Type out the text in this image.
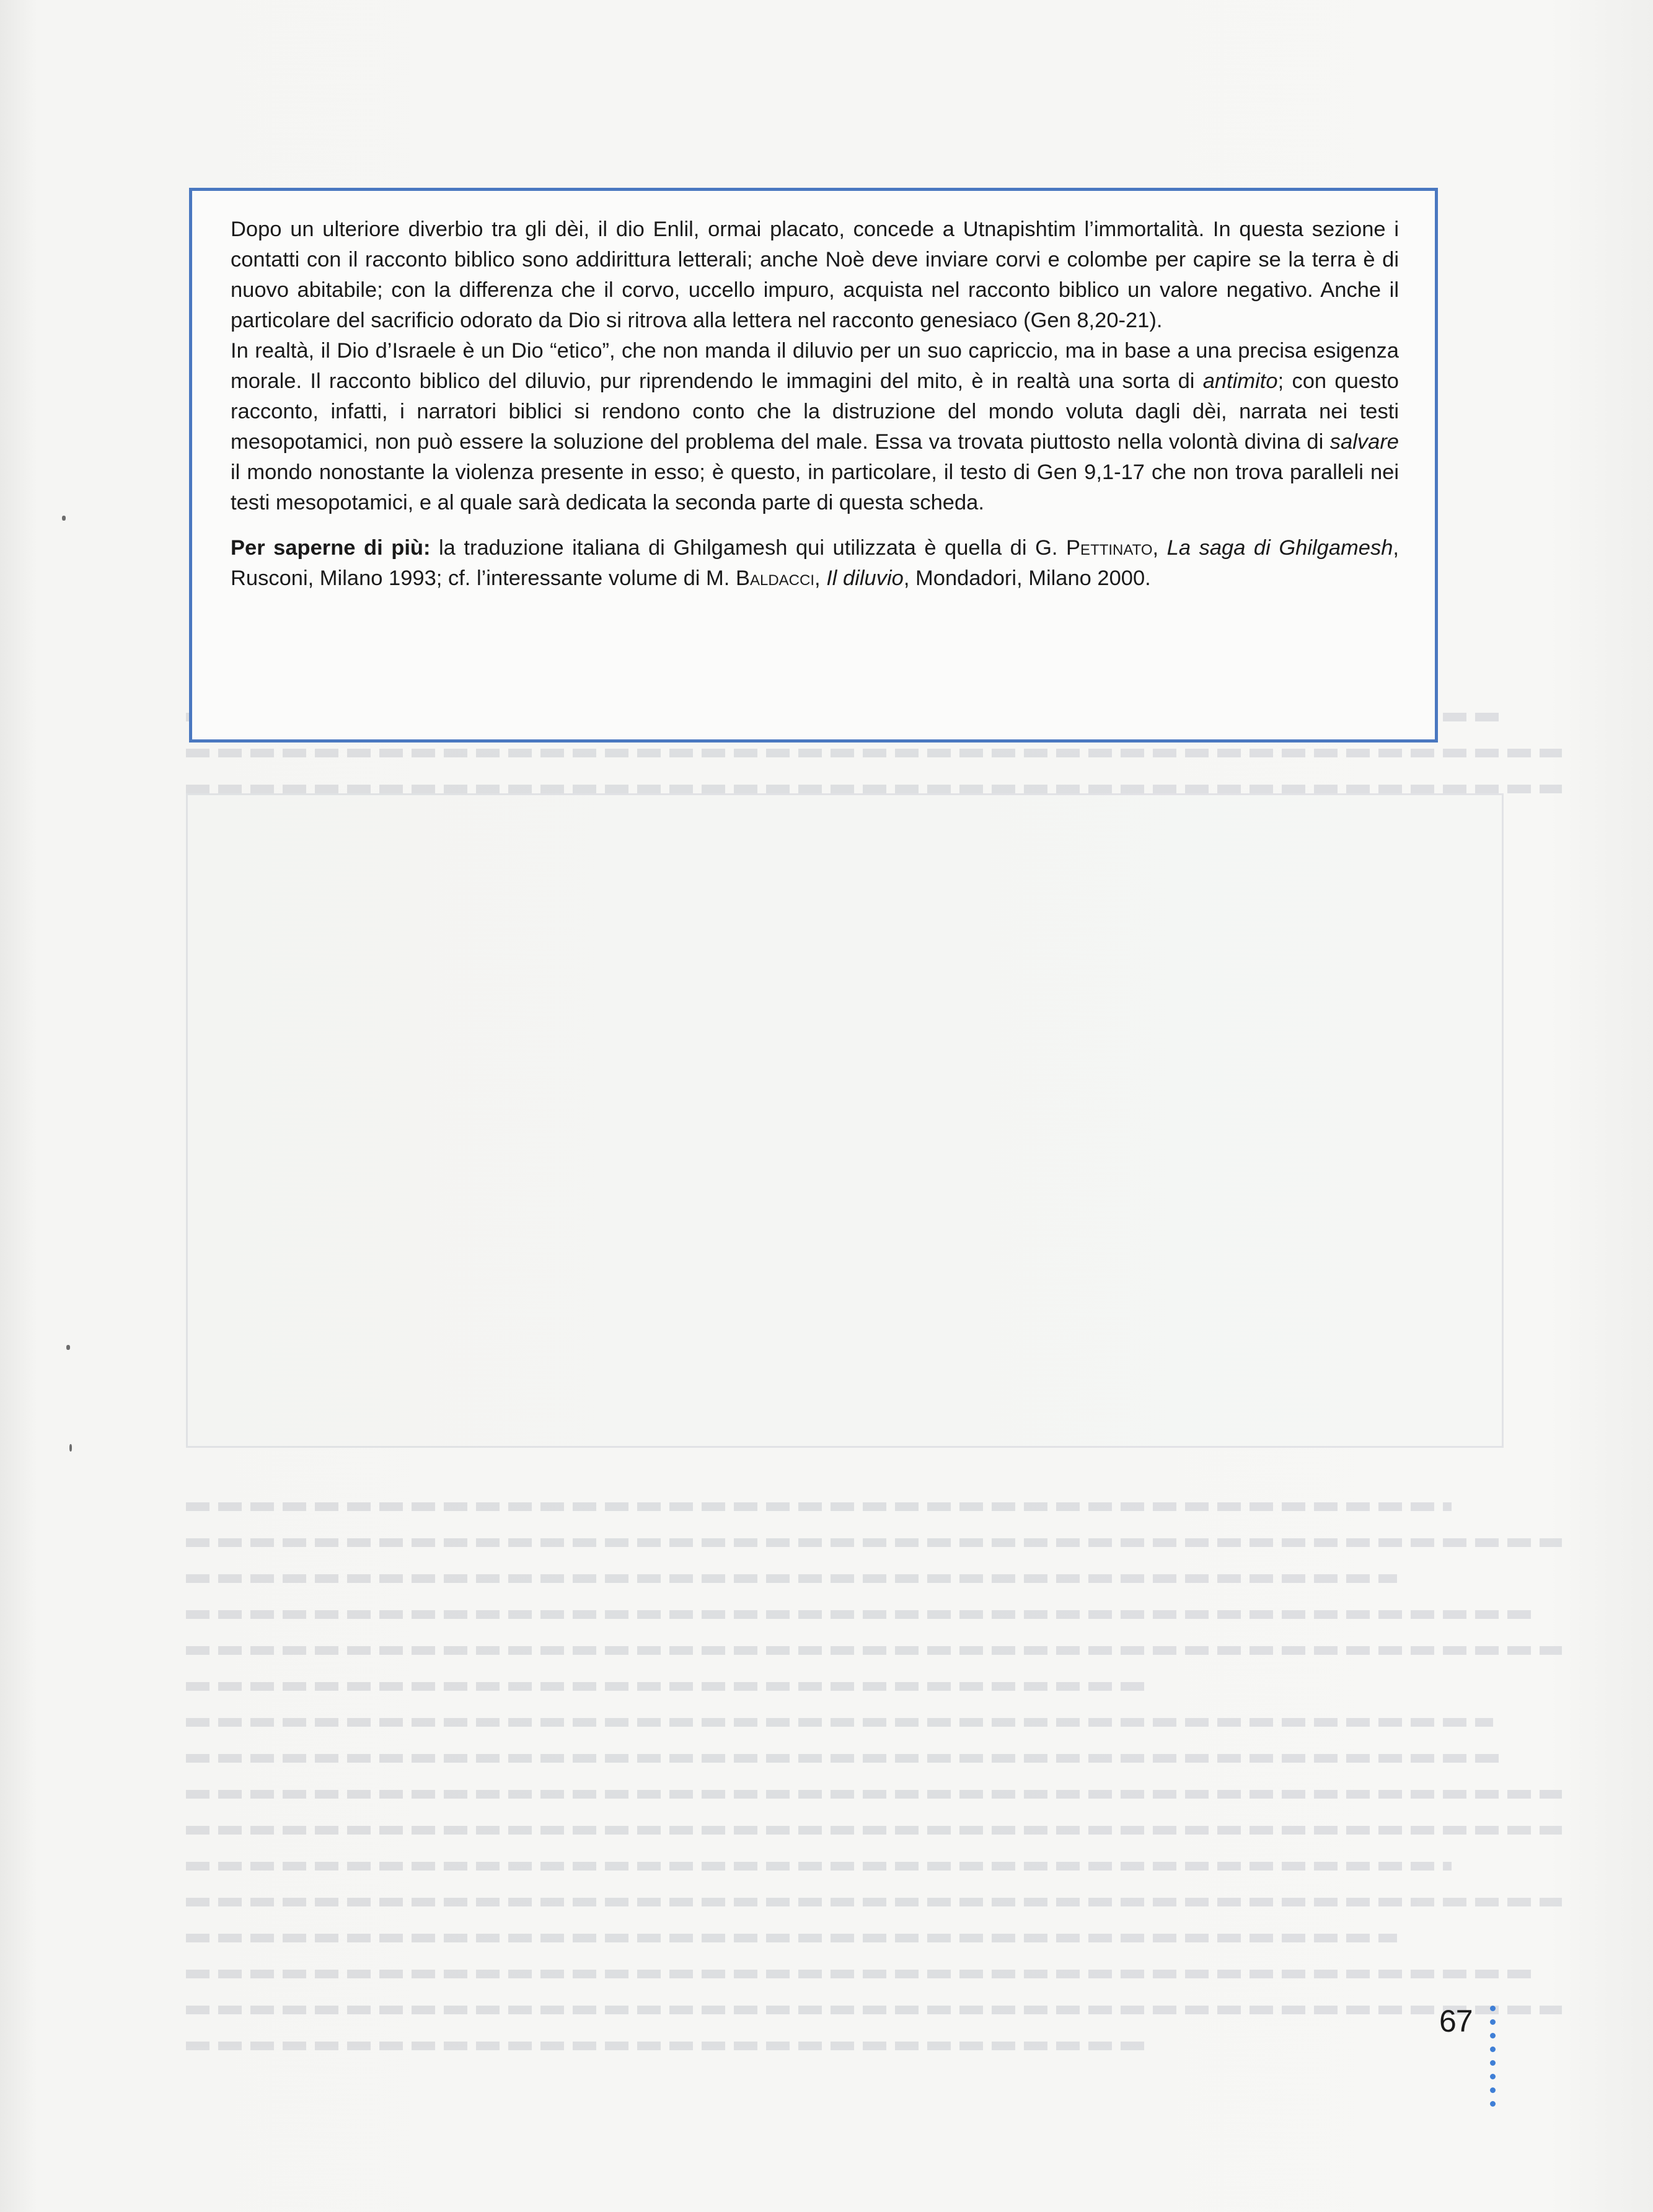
Dopo un ulteriore diverbio tra gli dèi, il dio Enlil, ormai placato, concede a Utnapishtim l’immortalità. In questa sezione i contatti con il racconto biblico sono addirittura letterali; anche Noè deve inviare corvi e colombe per capire se la terra è di nuovo abitabile; con la differenza che il corvo, uccello impuro, acquista nel racconto biblico un valore negativo. Anche il particolare del sacrificio odorato da Dio si ritrova alla lettera nel racconto genesiaco (Gen 8,20-21).

In realtà, il Dio d’Israele è un Dio “etico”, che non manda il diluvio per un suo capriccio, ma in base a una precisa esigenza morale. Il racconto biblico del diluvio, pur riprendendo le immagini del mito, è in realtà una sorta di antimito; con questo racconto, infatti, i narratori biblici si rendono conto che la distruzione del mondo voluta dagli dèi, narrata nei testi mesopotamici, non può essere la soluzione del problema del male. Essa va trovata piuttosto nella volontà divina di salvare il mondo nonostante la violenza presente in esso; è questo, in particolare, il testo di Gen 9,1-17 che non trova paralleli nei testi mesopotamici, e al quale sarà dedicata la seconda parte di questa scheda.

Per saperne di più: la traduzione italiana di Ghilgamesh qui utilizzata è quella di G. Pettinato, La saga di Ghilgamesh, Rusconi, Milano 1993; cf. l’interessante volume di M. Baldacci, Il diluvio, Mondadori, Milano 2000.

67
